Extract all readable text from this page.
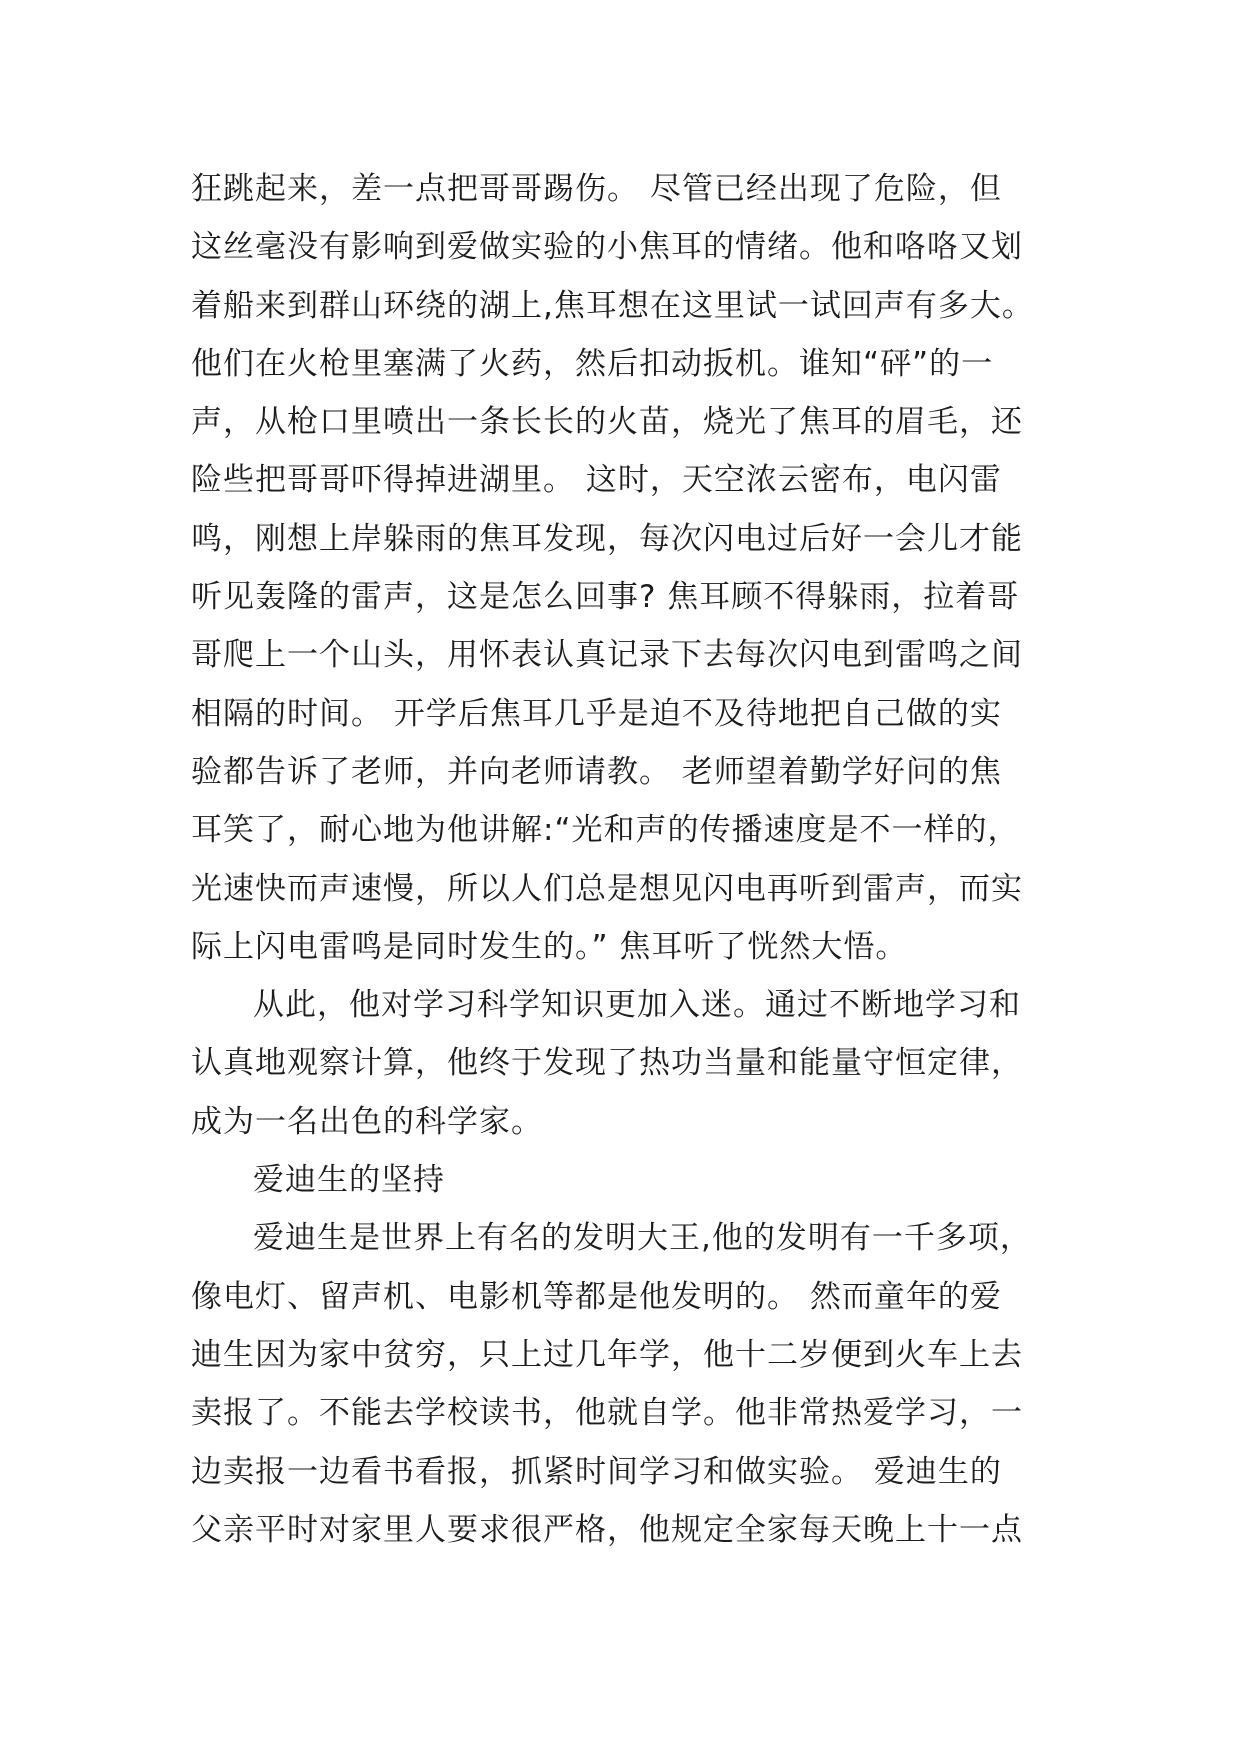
狂跳起来，差一点把哥哥踢伤。 尽管已经出现了危险，但
这丝毫没有影响到爱做实验的小焦耳的情绪。他和咯咯又划
着船来到群山环绕的湖上,焦耳想在这里试一试回声有多大。
他们在火枪里塞满了火药，然后扣动扳机。谁知“砰”的一
声，从枪口里喷出一条长长的火苗，烧光了焦耳的眉毛，还
险些把哥哥吓得掉进湖里。 这时，天空浓云密布，电闪雷
鸣，刚想上岸躲雨的焦耳发现，每次闪电过后好一会儿才能
听见轰隆的雷声，这是怎么回事? 焦耳顾不得躲雨，拉着哥
哥爬上一个山头，用怀表认真记录下去每次闪电到雷鸣之间
相隔的时间。 开学后焦耳几乎是迫不及待地把自己做的实
验都告诉了老师，并向老师请教。 老师望着勤学好问的焦
耳笑了，耐心地为他讲解:“光和声的传播速度是不一样的，
光速快而声速慢，所以人们总是想见闪电再听到雷声，而实
际上闪电雷鸣是同时发生的。” 焦耳听了恍然大悟。
从此，他对学习科学知识更加入迷。通过不断地学习和
认真地观察计算，他终于发现了热功当量和能量守恒定律，
成为一名出色的科学家。
爱迪生的坚持
爱迪生是世界上有名的发明大王,他的发明有一千多项，
像电灯、留声机、电影机等都是他发明的。 然而童年的爱
迪生因为家中贫穷，只上过几年学，他十二岁便到火车上去
卖报了。不能去学校读书，他就自学。他非常热爱学习，一
边卖报一边看书看报，抓紧时间学习和做实验。 爱迪生的
父亲平时对家里人要求很严格，他规定全家每天晚上十一点
